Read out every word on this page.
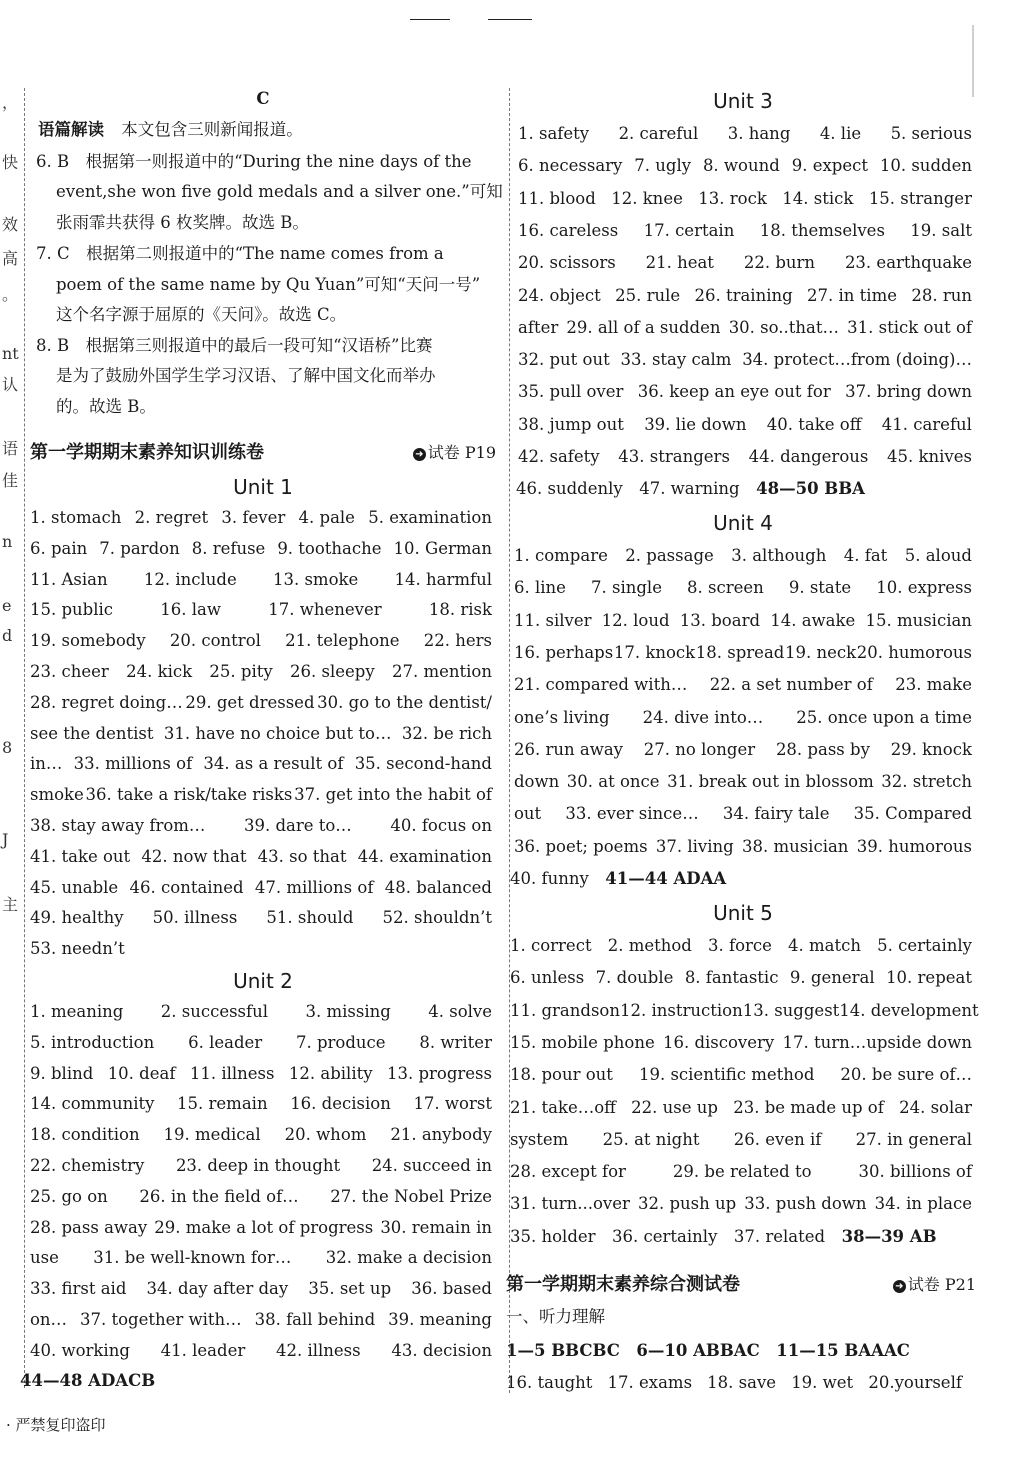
，
快
效
高
。
nt
认
语
佳
n
e
d
8
J
主
C
语篇解读 本文包含三则新闻报道。
6. B　根据第一则报道中的“During the nine days of the
event,she won five gold medals and a silver one.”可知
张雨霏共获得 6 枚奖牌。故选 B。
7. C　根据第二则报道中的“The name comes from a
poem of the same name by Qu Yuan”可知“天问一号”
这个名字源于屈原的《天问》。故选 C。
8. B　根据第三则报道中的最后一段可知“汉语桥”比赛
是为了鼓励外国学生学习汉语、了解中国文化而举办
的。故选 B。
第一学期期末素养知识训练卷	➜ 试卷 P19
Unit 1
1. stomach 2. regret 3. fever 4. pale 5. examination
6. pain 7. pardon 8. refuse 9. toothache 10. German
11. Asian 12. include 13. smoke 14. harmful
15. public	16. law	17. whenever	18. risk
19. somebody 20. control 21. telephone 22. hers
23. cheer 24. kick 25. pity 26. sleepy 27. mention
28. regret doing… 29. get dressed 30. go to the dentist/
see the dentist 31. have no choice but to… 32. be rich
in… 33. millions of 34. as a result of 35. second-hand
smoke 36. take a risk/take risks 37. get into the habit of
38. stay away from… 39. dare to… 40. focus on
41. take out 42. now that 43. so that 44. examination
45. unable 46. contained 47. millions of 48. balanced
49. healthy 50. illness 51. should 52. shouldn’t
53. needn’t
Unit 2
1. meaning 2. successful 3. missing 4. solve
5. introduction 6. leader 7. produce 8. writer
9. blind 10. deaf 11. illness 12. ability 13. progress
14. community 15. remain 16. decision 17. worst
18. condition 19. medical 20. whom 21. anybody
22. chemistry 23. deep in thought 24. succeed in
25. go on 26. in the field of… 27. the Nobel Prize
28. pass away 29. make a lot of progress 30. remain in
use 31. be well-known for… 32. make a decision
33. first aid 34. day after day 35. set up 36. based
on… 37. together with… 38. fall behind 39. meaning
40. working 41. leader 42. illness 43. decision
44—48 ADACB
Unit 3
1. safety 2. careful 3. hang 4. lie 5. serious
6. necessary 7. ugly 8. wound 9. expect 10. sudden
11. blood 12. knee 13. rock 14. stick 15. stranger
16. careless 17. certain 18. themselves 19. salt
20. scissors 21. heat 22. burn 23. earthquake
24. object 25. rule 26. training 27. in time 28. run
after 29. all of a sudden 30. so..that… 31. stick out of
32. put out 33. stay calm 34. protect…from (doing)…
35. pull over 36. keep an eye out for 37. bring down
38. jump out 39. lie down 40. take off 41. careful
42. safety 43. strangers 44. dangerous 45. knives
46. suddenly　47. warning　48—50 BBA
Unit 4
1. compare 2. passage 3. although 4. fat 5. aloud
6. line 7. single 8. screen 9. state 10. express
11. silver 12. loud 13. board 14. awake 15. musician
16. perhaps 17. knock 18. spread 19. neck 20. humorous
21. compared with… 22. a set number of 23. make
one’s living 24. dive into… 25. once upon a time
26. run away 27. no longer 28. pass by 29. knock
down 30. at once 31. break out in blossom 32. stretch
out 33. ever since… 34. fairy tale 35. Compared
36. poet; poems 37. living 38. musician 39. humorous
40. funny　41—44 ADAA
Unit 5
1. correct 2. method 3. force 4. match 5. certainly
6. unless 7. double 8. fantastic 9. general 10. repeat
11. grandson 12. instruction 13. suggest 14. development
15. mobile phone 16. discovery 17. turn…upside down
18. pour out 19. scientific method 20. be sure of…
21. take…off 22. use up 23. be made up of 24. solar
system 25. at night 26. even if 27. in general
28. except for	29. be related to	30. billions of
31. turn...over 32. push up 33. push down 34. in place
35. holder　36. certainly　37. related　38—39 AB
第一学期期末素养综合测试卷	➜ 试卷 P21
一、听力理解
1—5 BBCBC　6—10 ABBAC　11—15 BAAAC
16. taught 17. exams 18. save 19. wet 20.yourself
· 严禁复印盗印
